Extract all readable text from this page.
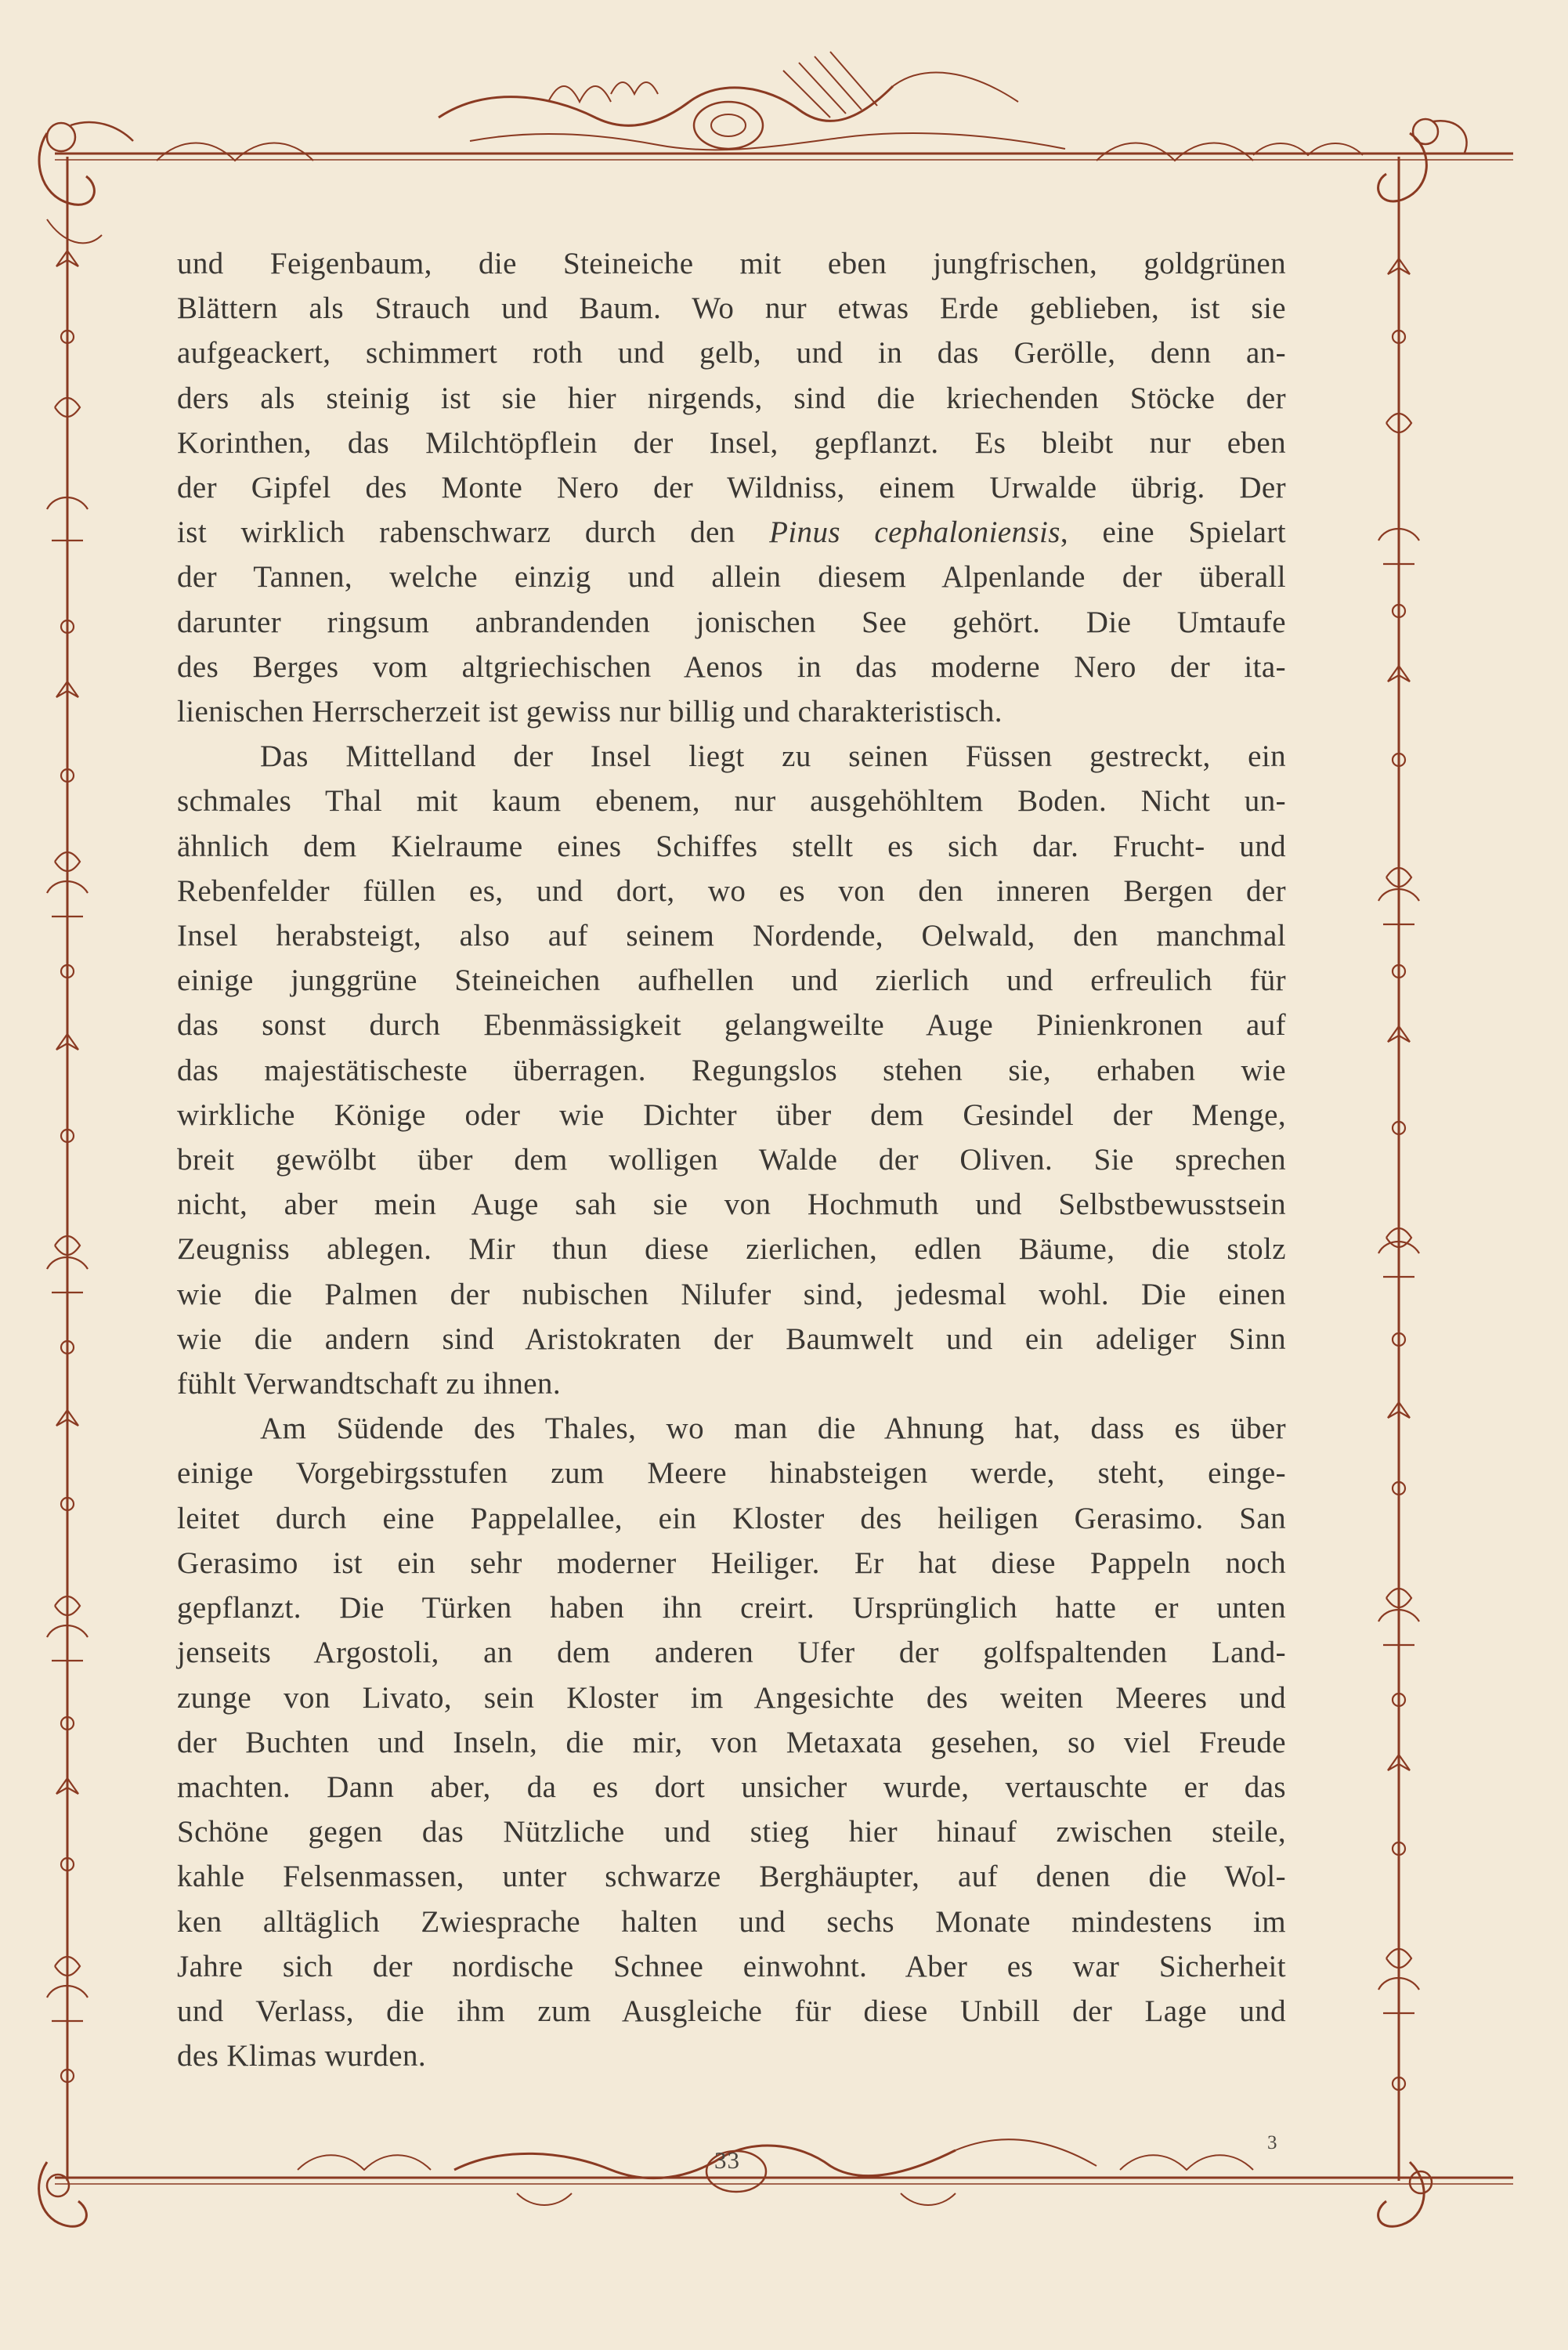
und Feigenbaum, die Steineiche mit eben jungfrischen, goldgrünen
Blättern als Strauch und Baum. Wo nur etwas Erde geblieben, ist sie
aufgeackert, schimmert roth und gelb, und in das Gerölle, denn an-
ders als steinig ist sie hier nirgends, sind die kriechenden Stöcke der
Korinthen, das Milchtöpflein der Insel, gepflanzt. Es bleibt nur eben
der Gipfel des Monte Nero der Wildniss, einem Urwalde übrig. Der
ist wirklich rabenschwarz durch den Pinus cephaloniensis, eine Spielart
der Tannen, welche einzig und allein diesem Alpenlande der überall
darunter ringsum anbrandenden jonischen See gehört. Die Umtaufe
des Berges vom altgriechischen Aenos in das moderne Nero der ita-
lienischen Herrscherzeit ist gewiss nur billig und charakteristisch.
Das Mittelland der Insel liegt zu seinen Füssen gestreckt, ein
schmales Thal mit kaum ebenem, nur ausgehöhltem Boden. Nicht un-
ähnlich dem Kielraume eines Schiffes stellt es sich dar. Frucht- und
Rebenfelder füllen es, und dort, wo es von den inneren Bergen der
Insel herabsteigt, also auf seinem Nordende, Oelwald, den manchmal
einige junggrüne Steineichen aufhellen und zierlich und erfreulich für
das sonst durch Ebenmässigkeit gelangweilte Auge Pinienkronen auf
das majestätischeste überragen. Regungslos stehen sie, erhaben wie
wirkliche Könige oder wie Dichter über dem Gesindel der Menge,
breit gewölbt über dem wolligen Walde der Oliven. Sie sprechen
nicht, aber mein Auge sah sie von Hochmuth und Selbstbewusstsein
Zeugniss ablegen. Mir thun diese zierlichen, edlen Bäume, die stolz
wie die Palmen der nubischen Nilufer sind, jedesmal wohl. Die einen
wie die andern sind Aristokraten der Baumwelt und ein adeliger Sinn
fühlt Verwandtschaft zu ihnen.
Am Südende des Thales, wo man die Ahnung hat, dass es über
einige Vorgebirgsstufen zum Meere hinabsteigen werde, steht, einge-
leitet durch eine Pappelallee, ein Kloster des heiligen Gerasimo. San
Gerasimo ist ein sehr moderner Heiliger. Er hat diese Pappeln noch
gepflanzt. Die Türken haben ihn creirt. Ursprünglich hatte er unten
jenseits Argostoli, an dem anderen Ufer der golfspaltenden Land-
zunge von Livato, sein Kloster im Angesichte des weiten Meeres und
der Buchten und Inseln, die mir, von Metaxata gesehen, so viel Freude
machten. Dann aber, da es dort unsicher wurde, vertauschte er das
Schöne gegen das Nützliche und stieg hier hinauf zwischen steile,
kahle Felsenmassen, unter schwarze Berghäupter, auf denen die Wol-
ken alltäglich Zwiesprache halten und sechs Monate mindestens im
Jahre sich der nordische Schnee einwohnt. Aber es war Sicherheit
und Verlass, die ihm zum Ausgleiche für diese Unbill der Lage und
des Klimas wurden.
33
3
